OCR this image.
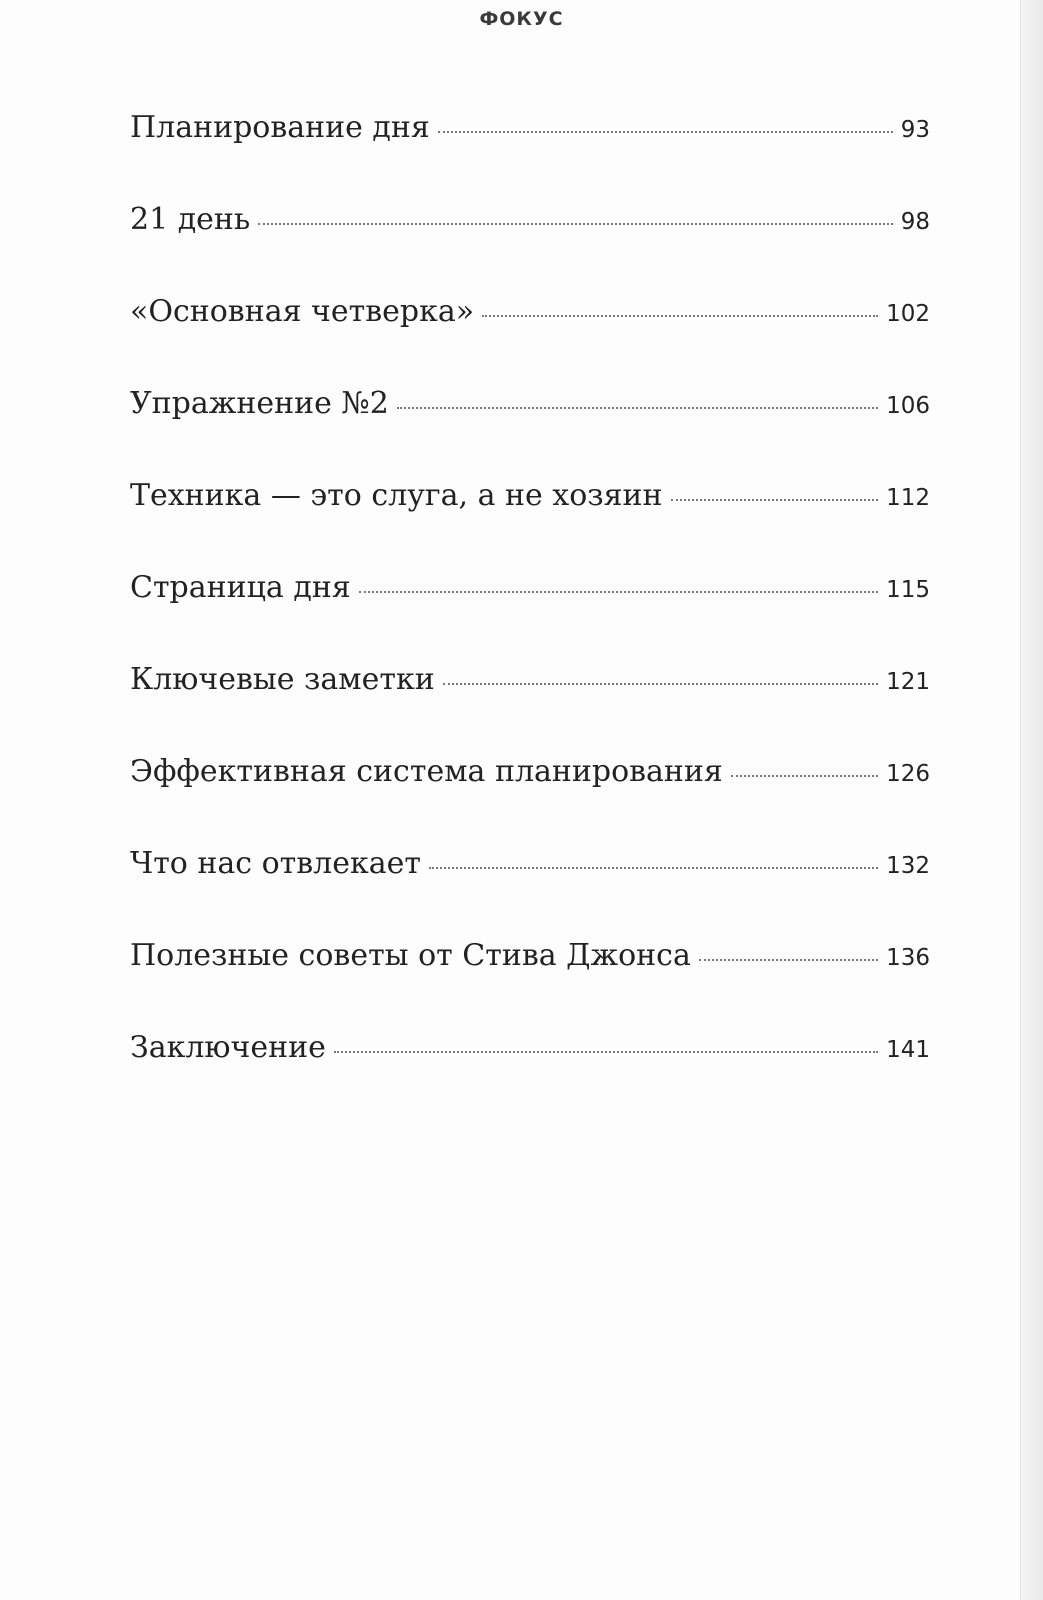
ФОКУС
Планирование дня	93
21 день	98
«Основная четверка»	102
Упражнение №2	106
Техника — это слуга, а не хозяин	112
Страница дня	115
Ключевые заметки	121
Эффективная система планирования	126
Что нас отвлекает	132
Полезные советы от Стива Джонса	136
Заключение	141
